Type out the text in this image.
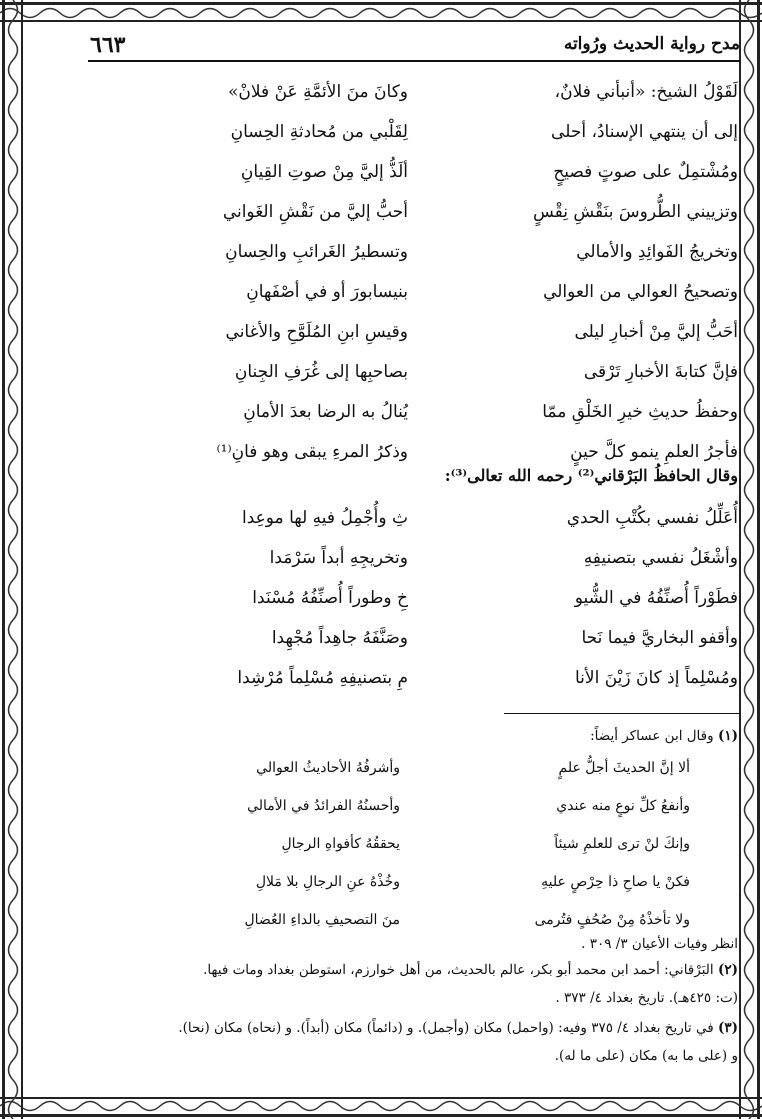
مدح رواية الحديث ورُواته
٦٦٣
لَقَوْلُ الشيخ: «أنبأني فلانٌ،
وكانَ منَ الأئمَّةِ عَنْ فلانْ»
إلى أن ينتهي الإسنادُ، أحلى
لِقَلْبي من مُحادثةِ الحِسانِ
ومُشْتمِلٌ على صوتٍ فصيحٍ
ألَذُّ إليَّ مِنْ صوتِ القِيانِ
وتزييني الطُّروسَ بنَقْشِ نِقْسٍ
أحبُّ إليَّ من نَقْشِ الغَواني
وتخريجُ الفَوائِدِ والأمالي
وتسطيرُ الغَرائبِ والحِسانِ
وتصحيحُ العوالي من العوالي
بنيسابورَ أو في أصْفَهانِ
أحَبُّ إليَّ مِنْ أخبارِ ليلى
وقيسِ ابنِ المُلَوَّحِ والأغاني
فإنَّ كتابةَ الأخبارِ تَرْقى
بصاحبِها إلى غُرَفِ الجِنانِ
وحفظُ حديثِ خيرِ الخَلْقِ ممّا
يُنالُ به الرضا بعدَ الأمانِ
فأجرُ العلمِ ينمو كلَّ حينٍ
وذكرُ المرءِ يبقى وهو فانِ⁽¹⁾
وقال الحافظُ البَرْقاني⁽²⁾ رحمه الله تعالى⁽³⁾:
أُعَلِّلُ نفسي بكُتْبِ الحدي
ثِ وأُجْمِلُ فيهِ لها موعِدا
وأشْغَلُ نفسي بتصنيفِهِ
وتخريجِهِ أبداً سَرْمَدا
فطَوْراً أُصنِّفُهُ في الشُّيو
خِ وطوراً أُصنِّفُهُ مُسْنَدا
وأقفو البخاريَّ فيما نَحا
وصَنَّفَهُ جاهِداً مُجْهِدا
ومُسْلِماً إذ كانَ زَيْنَ الأنا
مِ بتصنيفِهِ مُسْلِماً مُرْشِدا
(١) وقال ابن عساكر أيضاً:
ألا إنَّ الحديثَ أجلُّ علمٍ
وأشرفُهُ الأحاديثُ العوالي
وأنفعُ كلِّ نوعٍ منه عندي
وأحسنُهُ الفرائدُ في الأمالي
وإنكَ لنْ ترى للعلمِ شيئاً
يحققُهُ كأفواهِ الرجالِ
فكنْ يا صاحِ ذا حِرْصٍ عليهِ
وخُذْهُ عنِ الرجالِ بلا مَلالِ
ولا تأخذْهُ مِنْ صُحُفٍ فتُرمى
منَ التصحيفِ بالداءِ العُضالِ
انظر وفيات الأعيان ٣/ ٣٠٩ .
(٢) البَرْقاني: أحمد ابن محمد أبو بكر، عالم بالحديث، من أهل خوارزم، استوطن بغداد ومات فيها.
(ت: ٤٢٥هـ). تاريخ بغداد ٤/ ٣٧٣ .
(٣) في تاريخ بغداد ٤/ ٣٧٥ وفيه: (واحمل) مكان (وأجمل). و (دائماً) مكان (أبداً). و (نحاه) مكان (نحا).
و (على ما به) مكان (على ما له).
